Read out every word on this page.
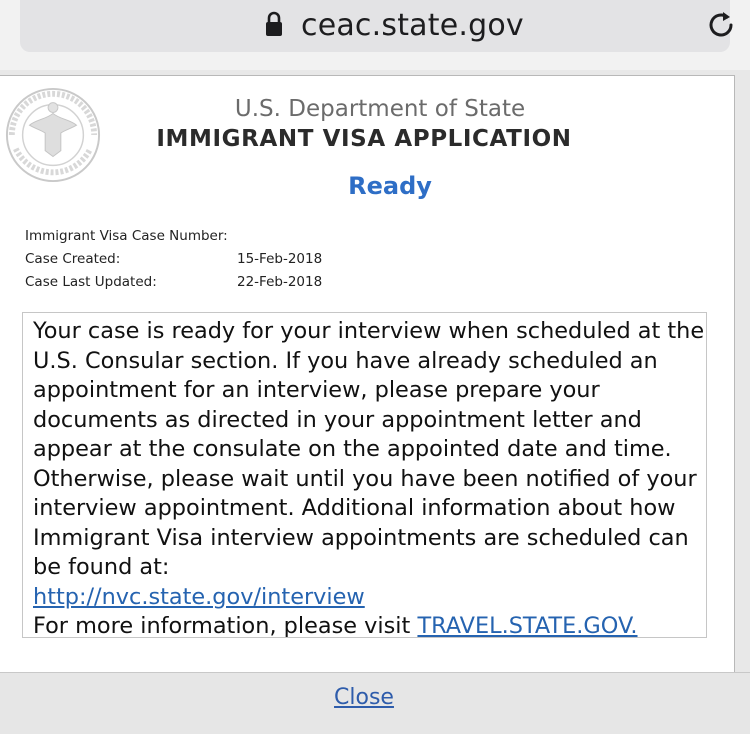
ceac.state.gov
U.S. Department of State
IMMIGRANT VISA APPLICATION
Ready
Immigrant Visa Case Number:
Case Created:	15-Feb-2018
Case Last Updated:	22-Feb-2018
Your case is ready for your interview when scheduled at the U.S. Consular section. If you have already scheduled an appointment for an interview, please prepare your documents as directed in your appointment letter and appear at the consulate on the appointed date and time. Otherwise, please wait until you have been notified of your interview appointment. Additional information about how Immigrant Visa interview appointments are scheduled can be found at:
http://nvc.state.gov/interview
For more information, please visit TRAVEL.STATE.GOV.
Close
